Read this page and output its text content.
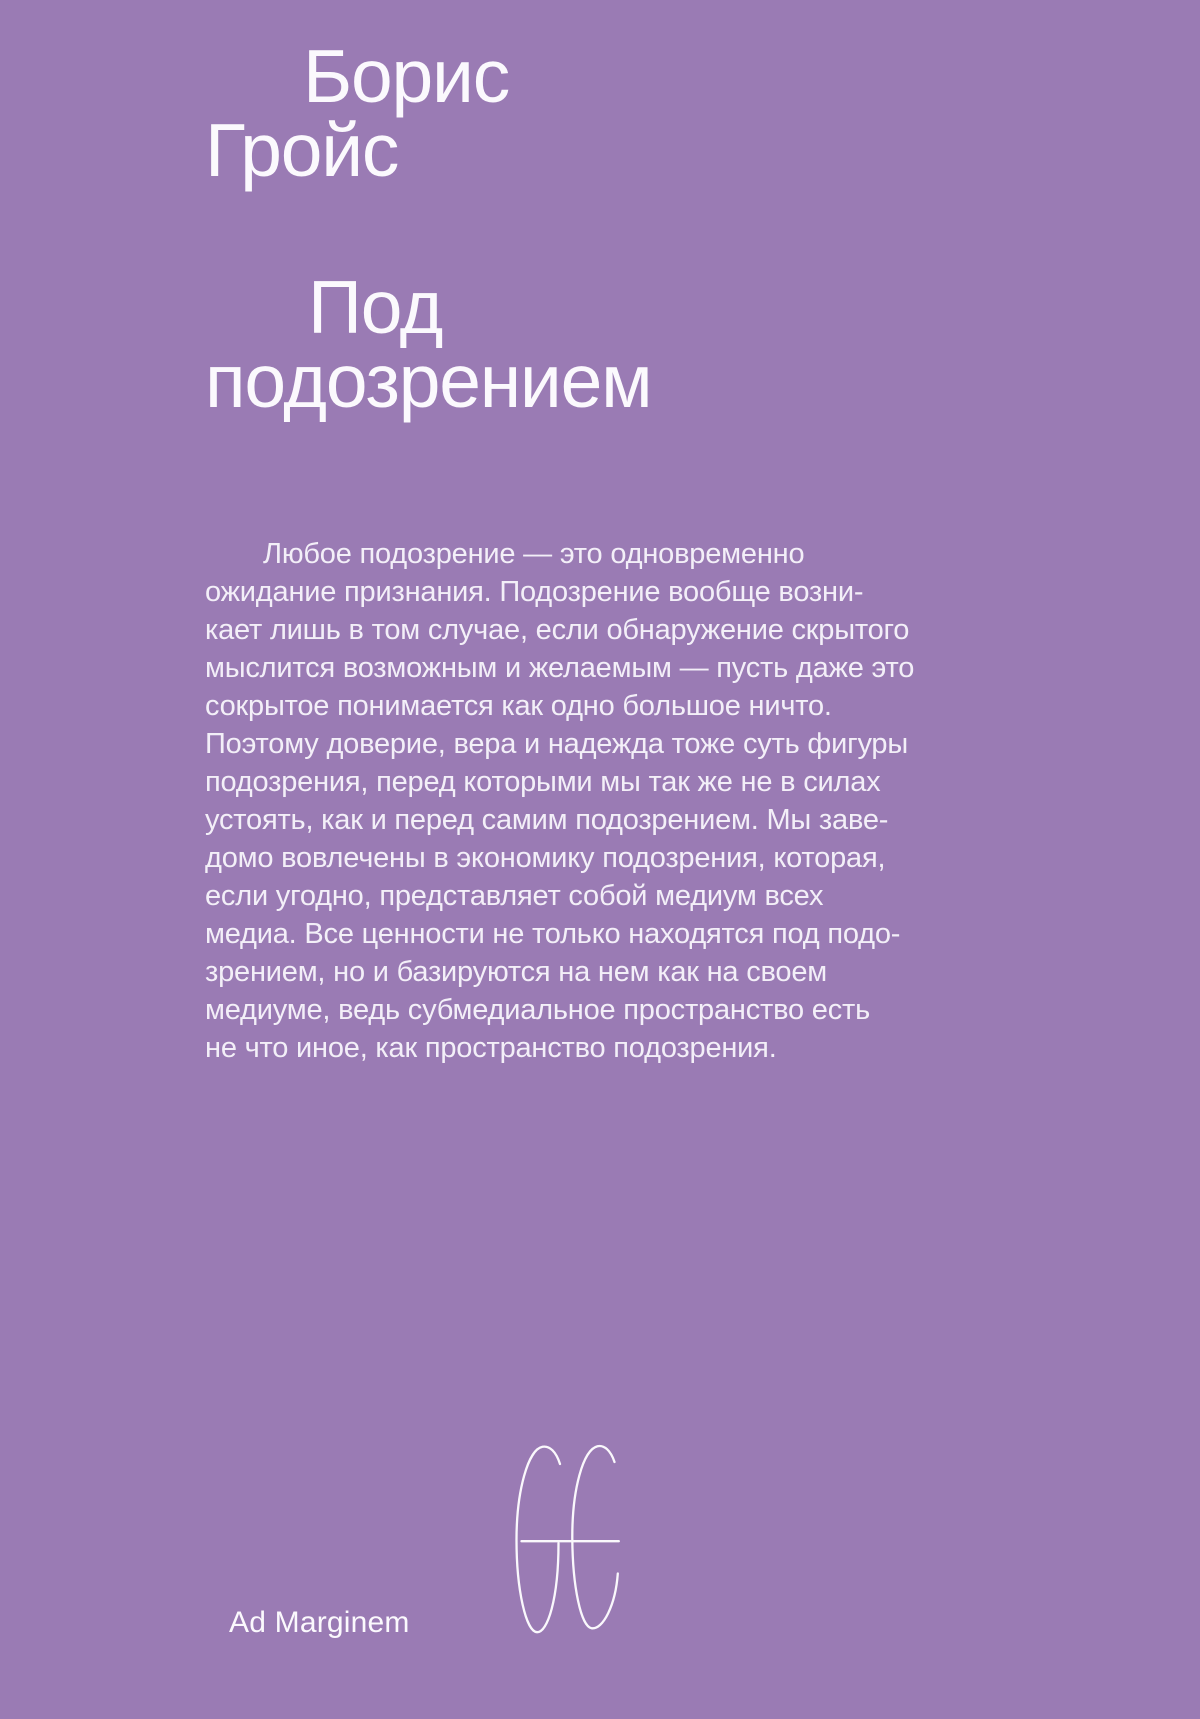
Борис
Гройс
Под
подозрением
Любое подозрение — это одновременно
ожидание признания. Подозрение вообще возни-
кает лишь в том случае, если обнаружение скрытого
мыслится возможным и желаемым — пусть даже это
сокрытое понимается как одно большое ничто.
Поэтому доверие, вера и надежда тоже суть фигуры
подозрения, перед которыми мы так же не в силах
устоять, как и перед самим подозрением. Мы заве-
домо вовлечены в экономику подозрения, которая,
если угодно, представляет собой медиум всех
медиа. Все ценности не только находятся под подо-
зрением, но и базируются на нем как на своем
медиуме, ведь субмедиальное пространство есть
не что иное, как пространство подозрения.
Ad Marginem
